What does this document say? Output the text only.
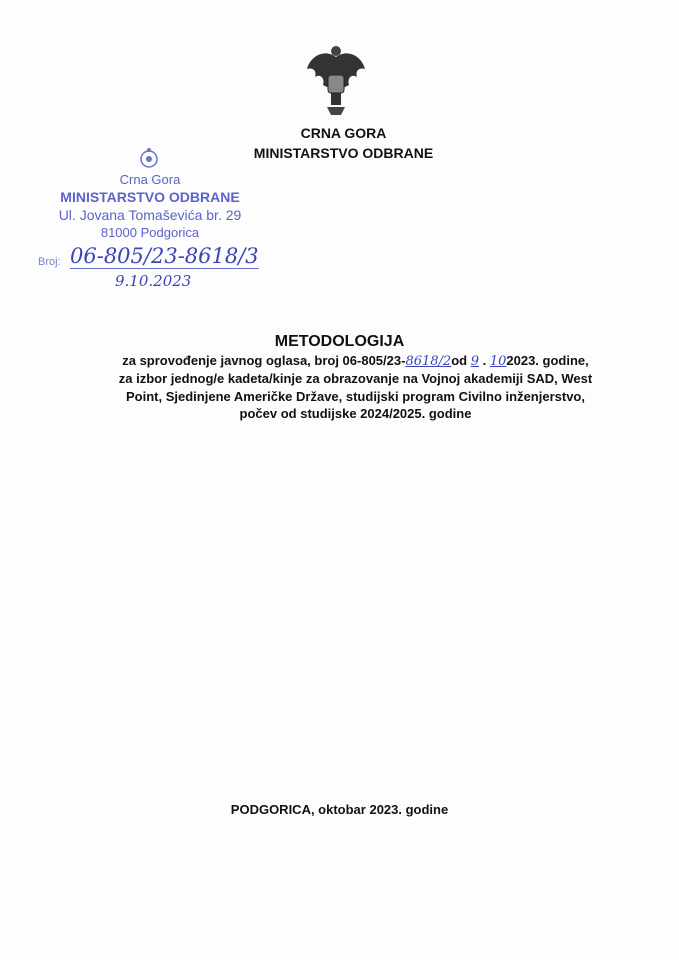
CRNA GORA
MINISTARSTVO ODBRANE
Crna Gora
MINISTARSTVO ODBRANE
Ul. Jovana Tomaševića br. 29
81000 Podgorica
Broj: 06-805/23-8618/3
9.10.2023
METODOLOGIJA
za sprovođenje javnog oglasa, broj 06-805/23-8618/2od 9 . 102023. godine,
za izbor jednog/e kadeta/kinje za obrazovanje na Vojnoj akademiji SAD, West
Point, Sjedinjene Američke Države, studijski program Civilno inženjerstvo,
počev od studijske 2024/2025. godine
PODGORICA, oktobar 2023. godine
